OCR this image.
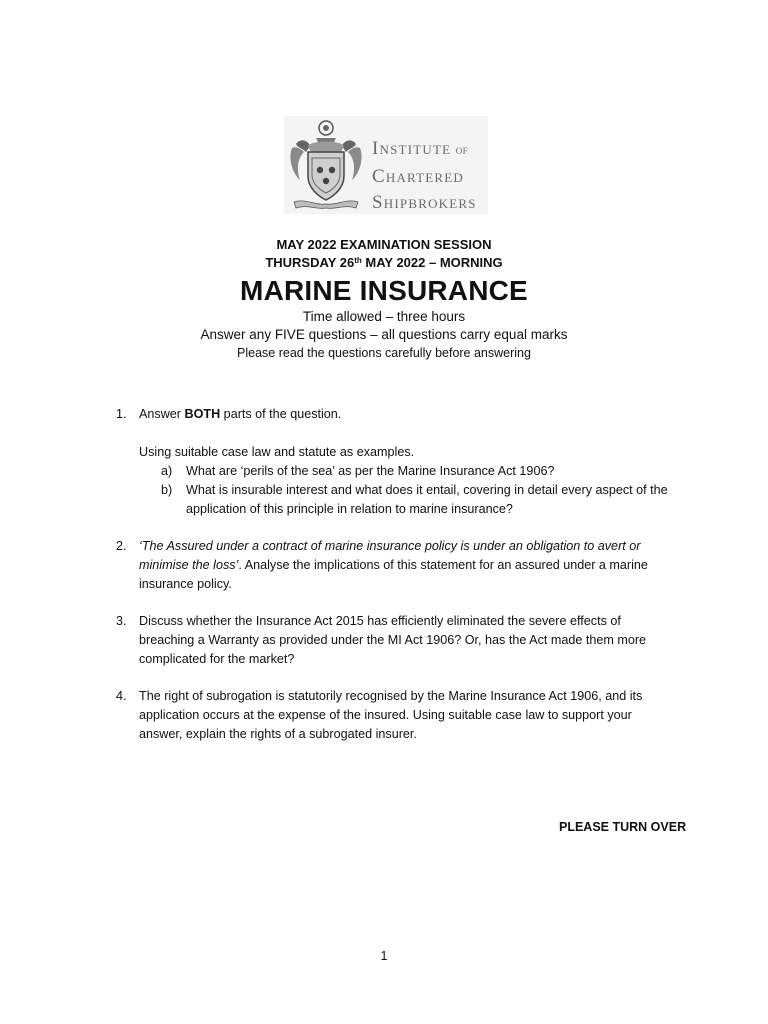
INSTITUTE OF
CHARTERED
SHIPBROKERS

MAY 2022 EXAMINATION SESSION

THURSDAY 26th MAY 2022 – MORNING

MARINE INSURANCE

Time allowed – three hours

Answer any FIVE questions – all questions carry equal marks

Please read the questions carefully before answering

1. Answer BOTH parts of the question.

Using suitable case law and statute as examples.

a) What are ‘perils of the sea’ as per the Marine Insurance Act 1906?
b) What is insurable interest and what does it entail, covering in detail every aspect of the application of this principle in relation to marine insurance?
2. ‘The Assured under a contract of marine insurance policy is under an obligation to avert or minimise the loss’. Analyse the implications of this statement for an assured under a marine insurance policy.

3. Discuss whether the Insurance Act 2015 has efficiently eliminated the severe effects of breaching a Warranty as provided under the MI Act 1906? Or, has the Act made them more complicated for the market?

4. The right of subrogation is statutorily recognised by the Marine Insurance Act 1906, and its application occurs at the expense of the insured. Using suitable case law to support your answer, explain the rights of a subrogated insurer.

PLEASE TURN OVER
1
